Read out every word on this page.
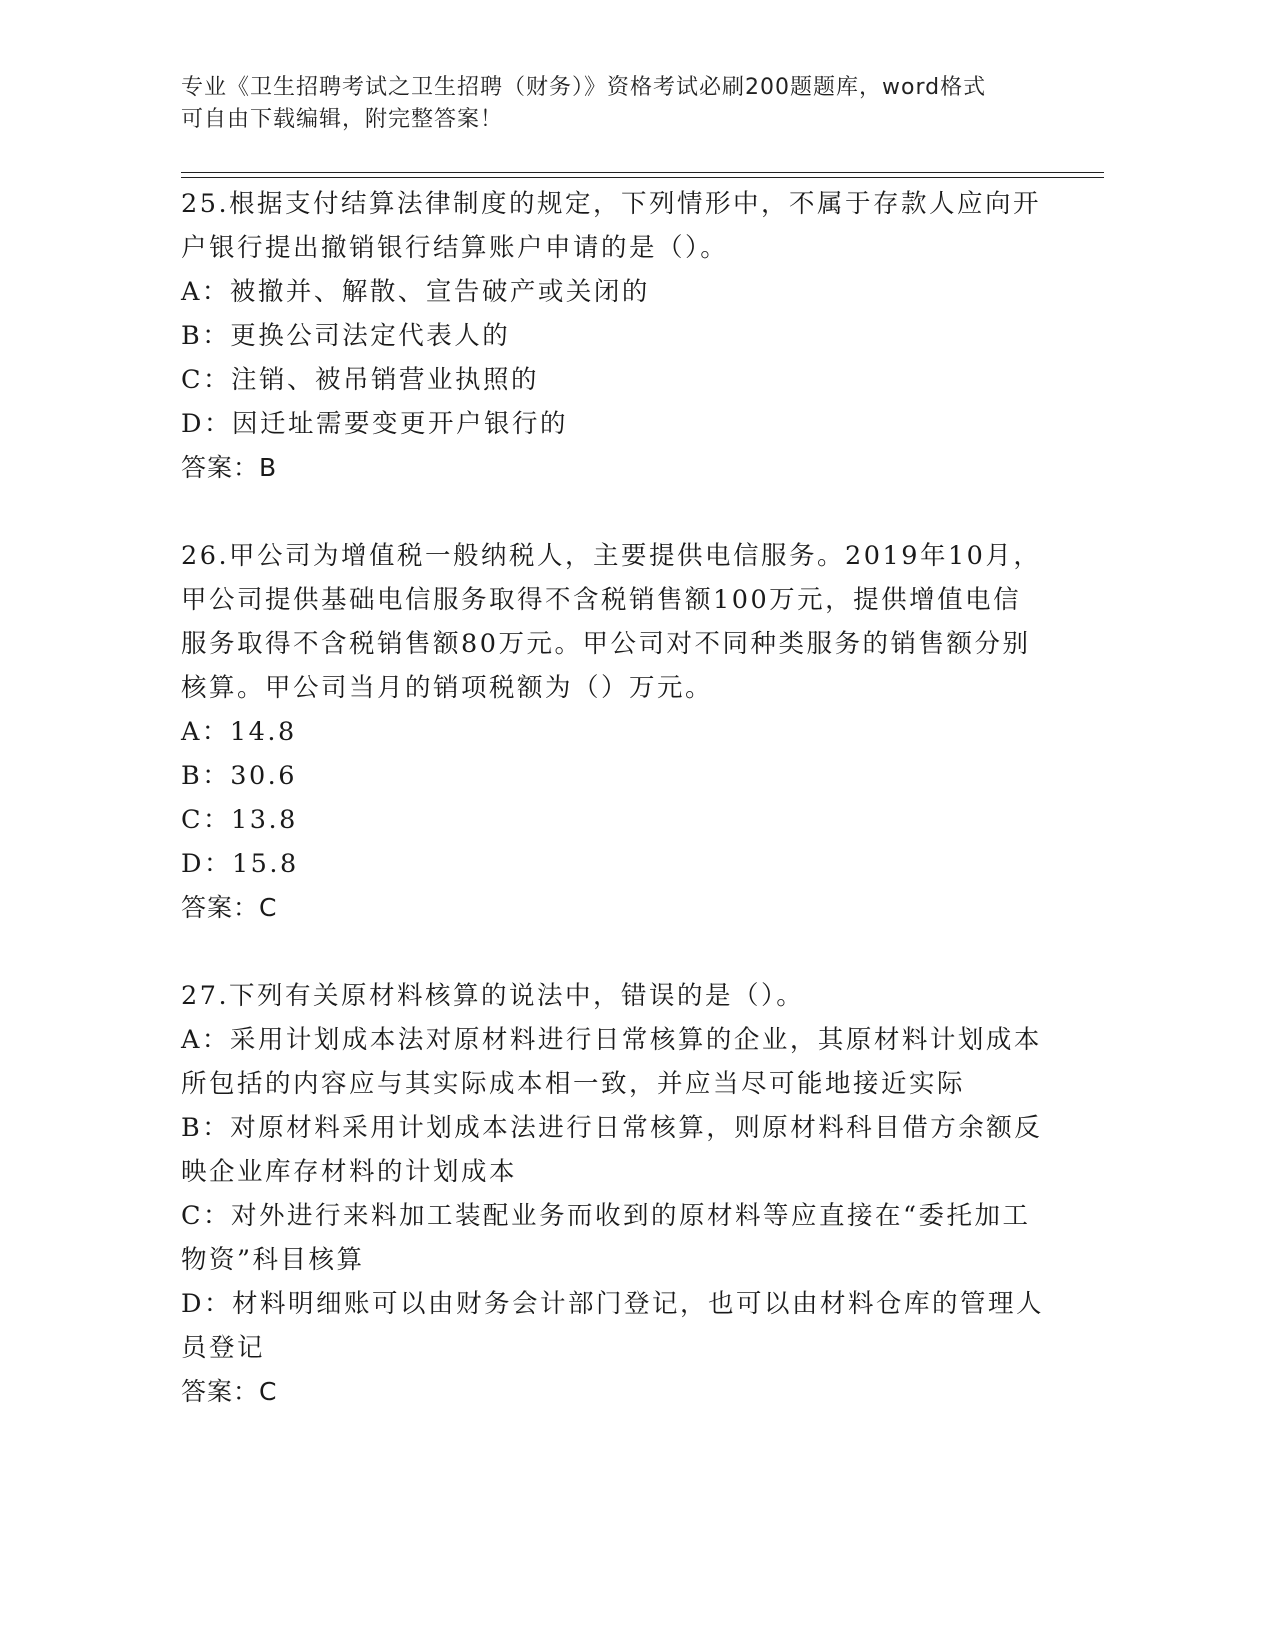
专业《卫生招聘考试之卫生招聘（财务）》资格考试必刷200题题库，word格式
可自由下载编辑，附完整答案！
25.根据支付结算法律制度的规定，下列情形中，不属于存款人应向开
户银行提出撤销银行结算账户申请的是（）。
A：被撤并、解散、宣告破产或关闭的
B：更换公司法定代表人的
C：注销、被吊销营业执照的
D：因迁址需要变更开户银行的
答案：B
26.甲公司为增值税一般纳税人，主要提供电信服务。2019年10月，
甲公司提供基础电信服务取得不含税销售额100万元，提供增值电信
服务取得不含税销售额80万元。甲公司对不同种类服务的销售额分别
核算。甲公司当月的销项税额为（）万元。
A：14.8
B：30.6
C：13.8
D：15.8
答案：C
27.下列有关原材料核算的说法中，错误的是（）。
A：采用计划成本法对原材料进行日常核算的企业，其原材料计划成本
所包括的内容应与其实际成本相一致，并应当尽可能地接近实际
B：对原材料采用计划成本法进行日常核算，则原材料科目借方余额反
映企业库存材料的计划成本
C：对外进行来料加工装配业务而收到的原材料等应直接在“委托加工
物资”科目核算
D：材料明细账可以由财务会计部门登记，也可以由材料仓库的管理人
员登记
答案：C
